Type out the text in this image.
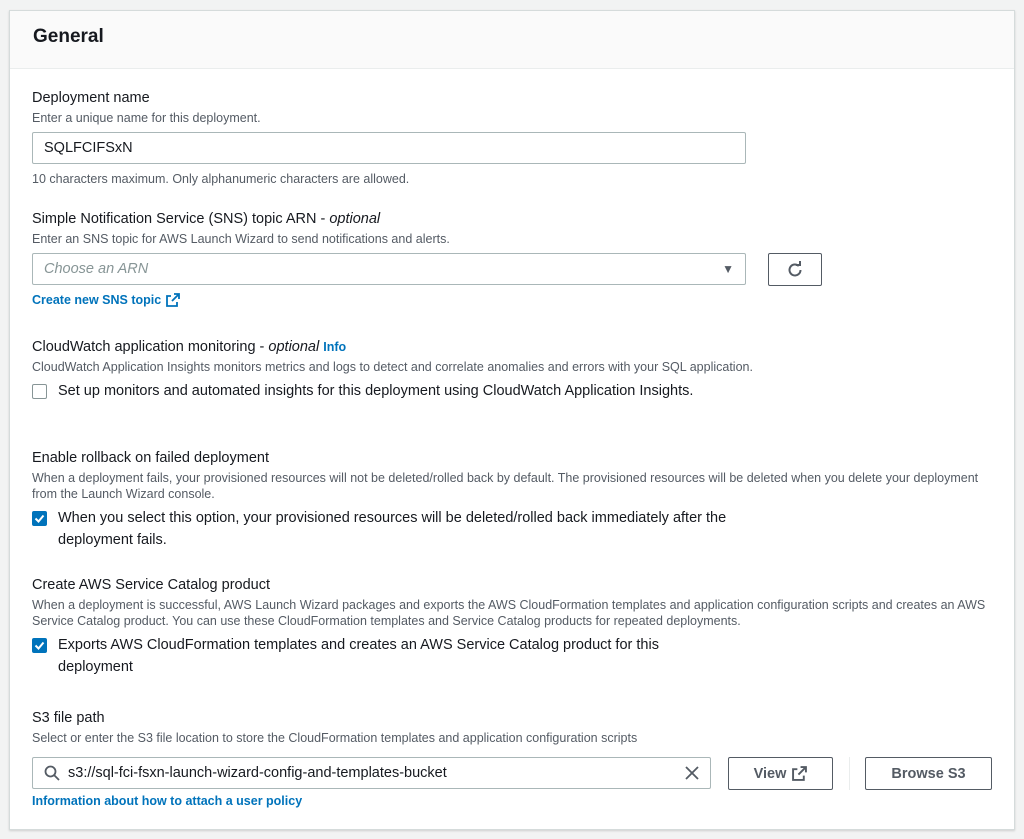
General
Deployment name
Enter a unique name for this deployment.
SQLFCIFSxN
10 characters maximum. Only alphanumeric characters are allowed.
Simple Notification Service (SNS) topic ARN - optional
Enter an SNS topic for AWS Launch Wizard to send notifications and alerts.
Choose an ARN	▼
Create new SNS topic
CloudWatch application monitoring - optional Info
CloudWatch Application Insights monitors metrics and logs to detect and correlate anomalies and errors with your SQL application.
Set up monitors and automated insights for this deployment using CloudWatch Application Insights.
Enable rollback on failed deployment
When a deployment fails, your provisioned resources will not be deleted/rolled back by default. The provisioned resources will be deleted when you delete your deployment from the Launch Wizard console.
When you select this option, your provisioned resources will be deleted/rolled back immediately after the deployment fails.
Create AWS Service Catalog product
When a deployment is successful, AWS Launch Wizard packages and exports the AWS CloudFormation templates and application configuration scripts and creates an AWS Service Catalog product. You can use these CloudFormation templates and Service Catalog products for repeated deployments.
Exports AWS CloudFormation templates and creates an AWS Service Catalog product for this deployment
S3 file path
Select or enter the S3 file location to store the CloudFormation templates and application configuration scripts
s3://sql-fci-fsxn-launch-wizard-config-and-templates-bucket	View	Browse S3
Information about how to attach a user policy
